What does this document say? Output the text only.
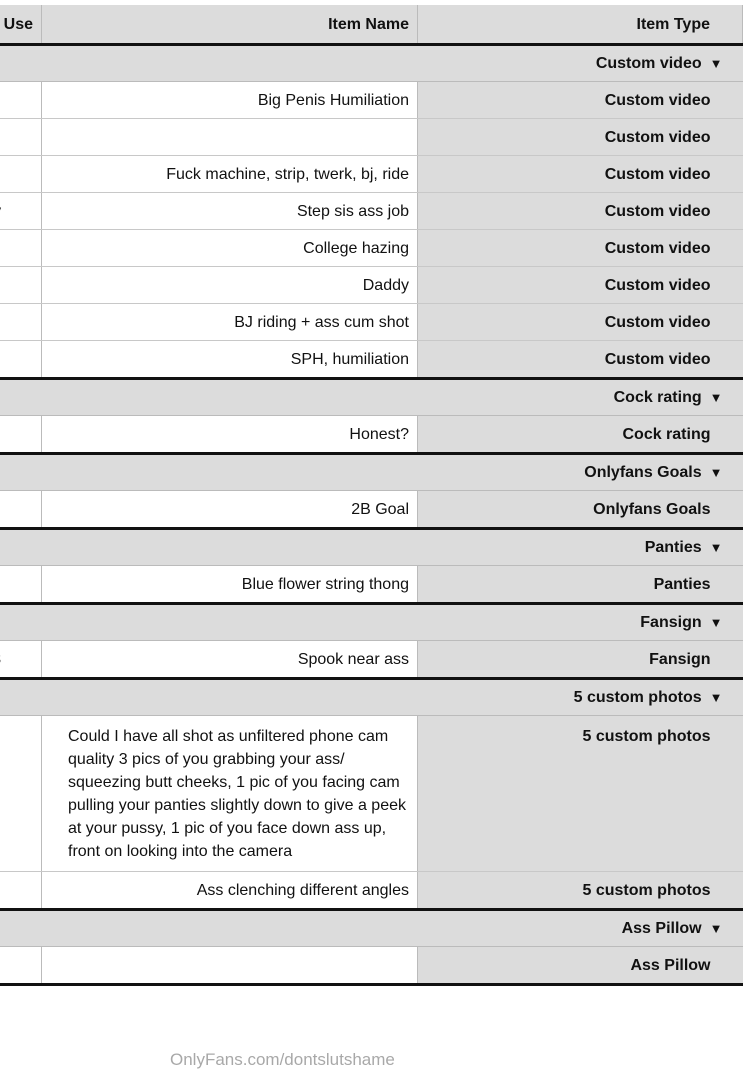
Use	Item Name	Item Type
		Custom video ▼
	Big Penis Humiliation	Custom video
		Custom video
	Fuck machine, strip, twerk, bj, ride	Custom video
	Step sis ass job	Custom video
	College hazing	Custom video
	Daddy	Custom video
	BJ riding + ass cum shot	Custom video
	SPH, humiliation	Custom video
		Cock rating ▼
	Honest?	Cock rating
		Onlyfans Goals ▼
	2B Goal	Onlyfans Goals
		Panties ▼
	Blue flower string thong	Panties
		Fansign ▼
	Spook near ass	Fansign
		5 custom photos ▼
	Could I have all shot as unfiltered phone cam quality 3 pics of you grabbing your ass/ squeezing butt cheeks, 1 pic of you facing cam pulling your panties slightly down to give a peek at your pussy, 1 pic of you face down ass up, front on looking into the camera	5 custom photos
	Ass clenching different angles	5 custom photos
		Ass Pillow ▼
		Ass Pillow
OnlyFans.com/dontslutshame
